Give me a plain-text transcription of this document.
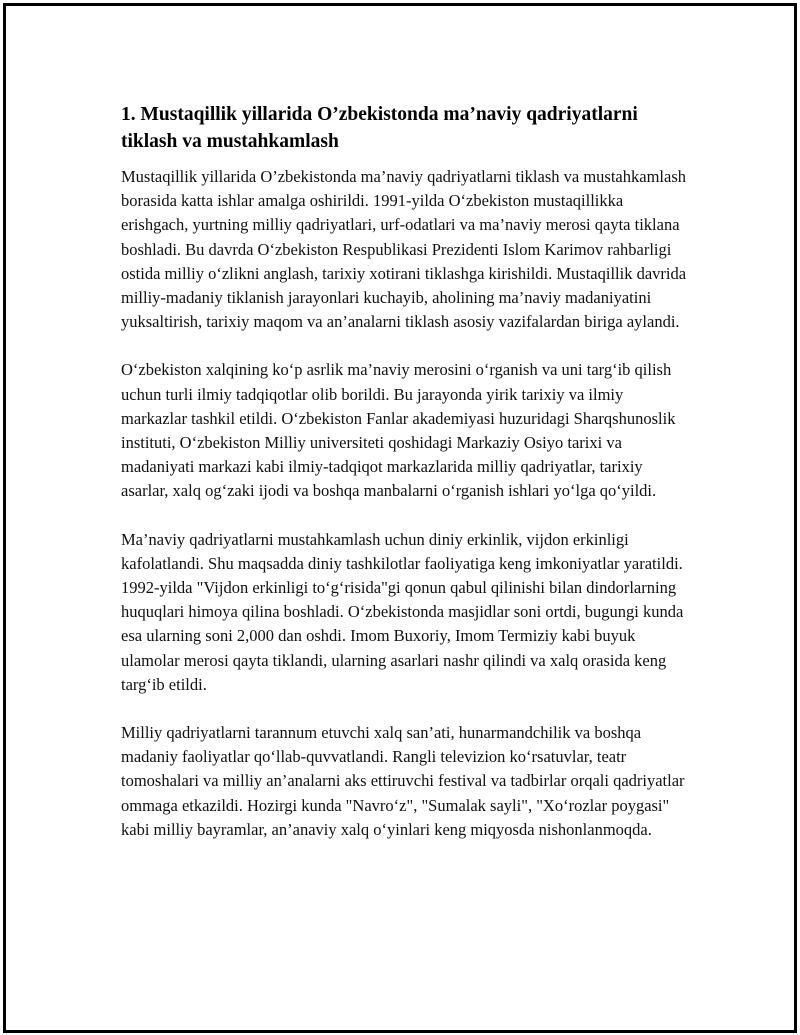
1. Mustaqillik yillarida O’zbekistonda ma’naviy qadriyatlarni tiklash va mustahkamlash

Mustaqillik yillarida O’zbekistonda ma’naviy qadriyatlarni tiklash va mustahkamlash borasida katta ishlar amalga oshirildi. 1991-yilda O‘zbekiston mustaqillikka erishgach, yurtning milliy qadriyatlari, urf-odatlari va ma’naviy merosi qayta tiklana boshladi. Bu davrda O‘zbekiston Respublikasi Prezidenti Islom Karimov rahbarligi ostida milliy o‘zlikni anglash, tarixiy xotirani tiklashga kirishildi. Mustaqillik davrida milliy-madaniy tiklanish jarayonlari kuchayib, aholining ma’naviy madaniyatini yuksaltirish, tarixiy maqom va an’analarni tiklash asosiy vazifalardan biriga aylandi.

O‘zbekiston xalqining ko‘p asrlik ma’naviy merosini o‘rganish va uni targ‘ib qilish uchun turli ilmiy tadqiqotlar olib borildi. Bu jarayonda yirik tarixiy va ilmiy markazlar tashkil etildi. O‘zbekiston Fanlar akademiyasi huzuridagi Sharqshunoslik instituti, O‘zbekiston Milliy universiteti qoshidagi Markaziy Osiyo tarixi va madaniyati markazi kabi ilmiy-tadqiqot markazlarida milliy qadriyatlar, tarixiy asarlar, xalq og‘zaki ijodi va boshqa manbalarni o‘rganish ishlari yo‘lga qo‘yildi.

Ma’naviy qadriyatlarni mustahkamlash uchun diniy erkinlik, vijdon erkinligi kafolatlandi. Shu maqsadda diniy tashkilotlar faoliyatiga keng imkoniyatlar yaratildi. 1992-yilda "Vijdon erkinligi to‘g‘risida"gi qonun qabul qilinishi bilan dindorlarning huquqlari himoya qilina boshladi. O‘zbekistonda masjidlar soni ortdi, bugungi kunda esa ularning soni 2,000 dan oshdi. Imom Buxoriy, Imom Termiziy kabi buyuk ulamolar merosi qayta tiklandi, ularning asarlari nashr qilindi va xalq orasida keng targ‘ib etildi.

Milliy qadriyatlarni tarannum etuvchi xalq san’ati, hunarmandchilik va boshqa madaniy faoliyatlar qo‘llab-quvvatlandi. Rangli televizion ko‘rsatuvlar, teatr tomoshalari va milliy an’analarni aks ettiruvchi festival va tadbirlar orqali qadriyatlar ommaga etkazildi. Hozirgi kunda "Navro‘z", "Sumalak sayli", "Xo‘rozlar poygasi" kabi milliy bayramlar, an’anaviy xalq o‘yinlari keng miqyosda nishonlanmoqda.
